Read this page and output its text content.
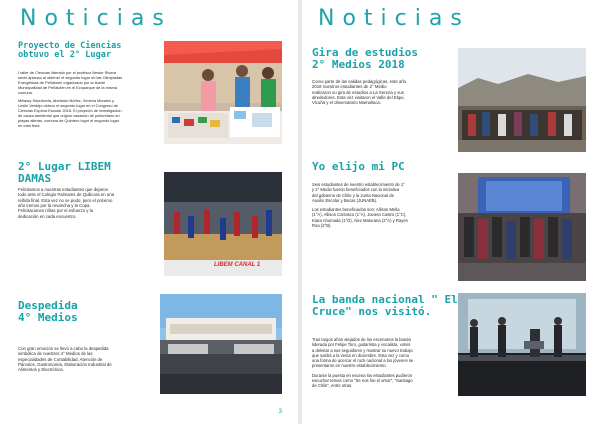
Noticias
Proyecto de Ciencias
obtuvo el 2° Lugar
I taller de Ciencias liderado por el profesor Nestor Rivera
sechi apiauso al obtener el segundo lugar en las Olimpíadas
Energéticas de Peñalolén organizado por la Ilustre
Municipalidad de Peñalolén en el Ecoparque de la misma
comuna.
Millaray Sepúlveda, Abelardo Núñez, Ximena Morales y
Leslie Verdejo obtuvo el segundo lugar en el Congreso de
Ciencias Explora Escolar 2018. El proyecto de investigación
de causa ambiental que originó vasación de poliuretano en
playas alteras, comuna de Quintero logró el segundo lugar
en esta feria.
2° Lugar LIBEM
DAMAS
Felicitamos a nuestras estudiantes que dejaron
todo ante el Colegio Palmares de Quilicura en una
reñida final. Esta vez no se pudo, pero el próximo
año iremos por la revancha y la Copa.
Felicitaciones niñas por el esfuerzo y la
dedicación en cada encuentro.
LIBEM CANAL 1
Despedida
4° Medios
Con gran emoción se llevó a cabo la despedida
simbólica de nuestros 4° Medios de las
especialidades de Contabilidad, Atención de
Párvulos, Gastronomía, Elaboración Industrial de
Alimentos y Electrónica.
3
Noticias
Gira de estudios
2° Medios 2018
Como parte de las salidas pedagógicas, este año
2018 nuestros estudiantes de 2° Medio
realizaron su gira de estudios a La Serena y sus
alrededores. Esta vez visitaron el Valle del Elqui,
Vicuña y el observatorio Mamalluca.
Yo elijo mi PC
Seis estudiantes de nuestro establecimiento de 1°
y 2° Medio fueron beneficiados con la iniciativa
del gobierno de Chile y la Junta Nacional de
Auxilio Escolar y Becas (JUNAEB).
Los estudiantes beneficiados son: Allison Mella
(1°A), Allison Carrasco (1°A), Javiera Castro (1°C),
Kiara Ahumada (1°D), Alex Maturana (2°A) y Rayen
Roa (2°B).
La banda nacional " El
Cruce" nos visitó.
Tras largos años alejados de los escenarios la banda
liderada por Felipe Toro, guitarrista y vocalista, volvió
a deleitar a sus seguidores y mostrar su nuevo trabajo
que saldrá a la venta en diciembre. Esta vez y como
una forma de acercar el rock nacional a los jóvenes se
presentaron en nuestro establecimiento.
Durante la puesta en escena los estudiantes pudieron
escuchar temas como "Se nos fue el amor", "Santiago
de Chile", entre otras.
